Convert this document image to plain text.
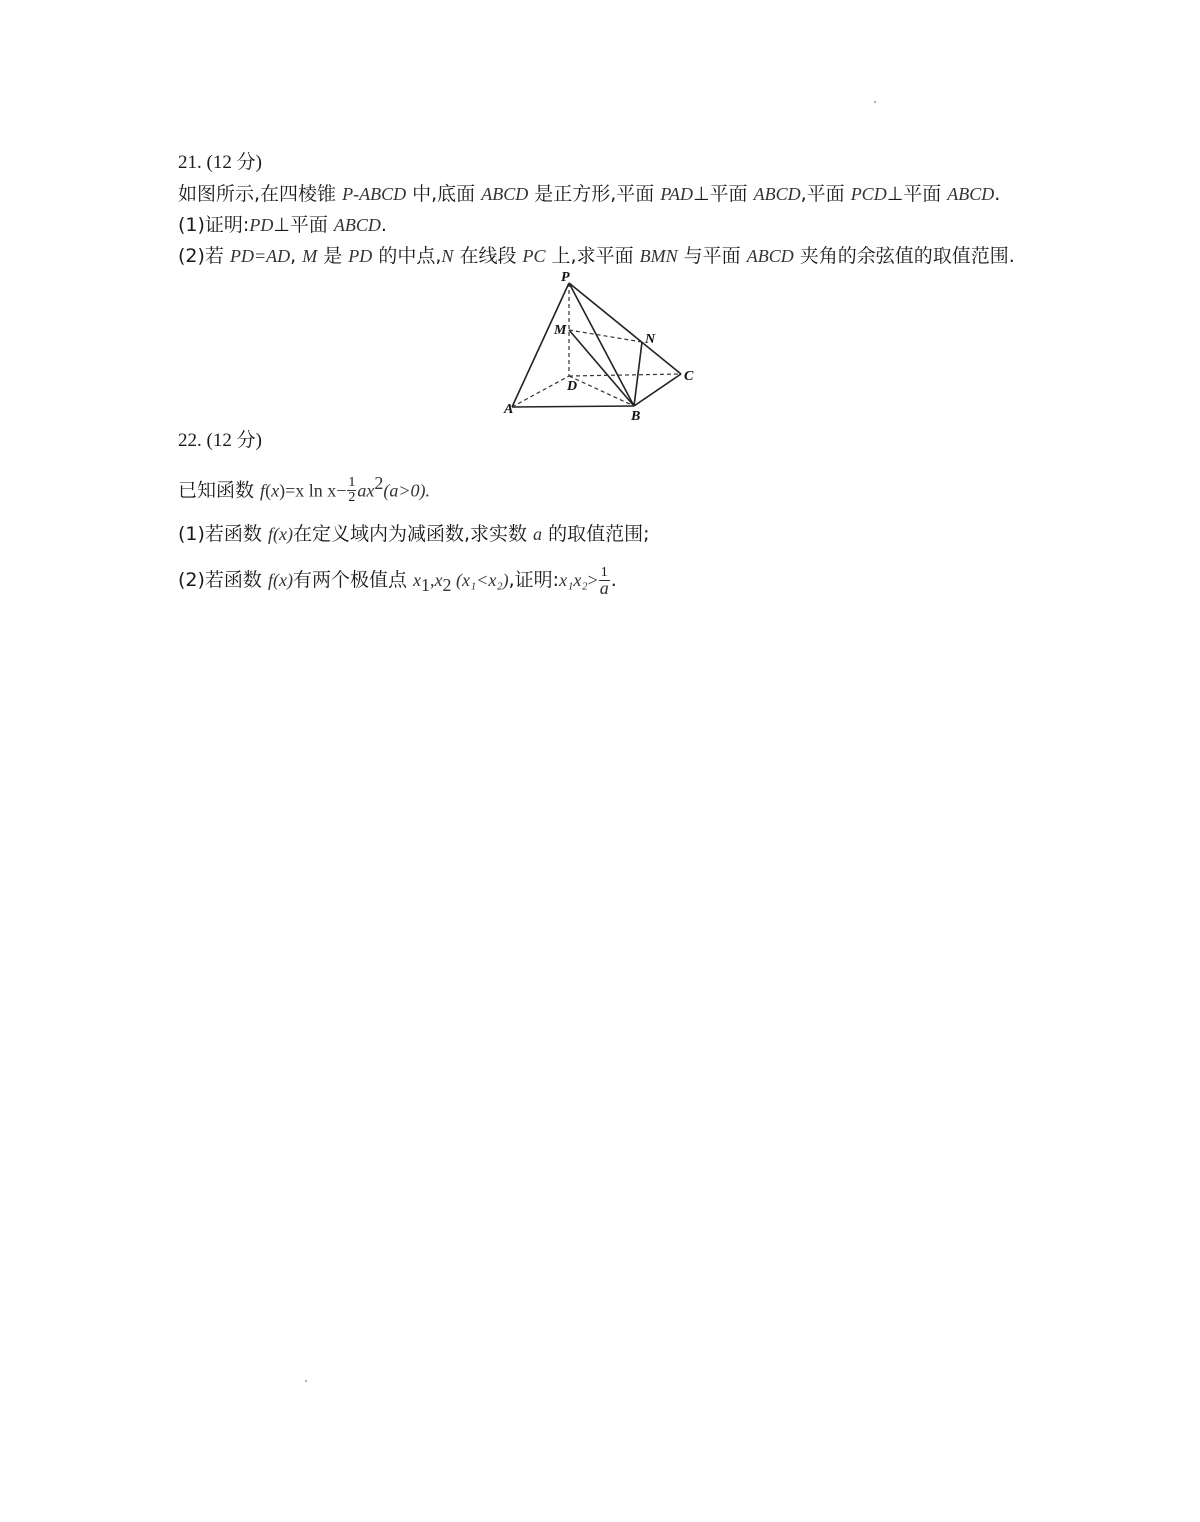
21. (12 分)
如图所示,在四棱锥 P-ABCD 中,底面 ABCD 是正方形,平面 PAD⊥平面 ABCD,平面 PCD⊥平面 ABCD.
(1)证明:PD⊥平面 ABCD.
(2)若 PD=AD, M 是 PD 的中点,N 在线段 PC 上,求平面 BMN 与平面 ABCD 夹角的余弦值的取值范围.
P
M
N
C
D
A	B
22. (12 分)
已知函数 f(x)=x $\ln x- \frac{1}{2} ax^2(a>0)$.
(1)若函数 f(x)在定义域内为减函数,求实数 a 的取值范围;
(2)若函数 f(x)有两个极值点 $x_1,x_2$ (x₁<x₂),证明:x₁x₂> $\frac{1}{a}$ .
